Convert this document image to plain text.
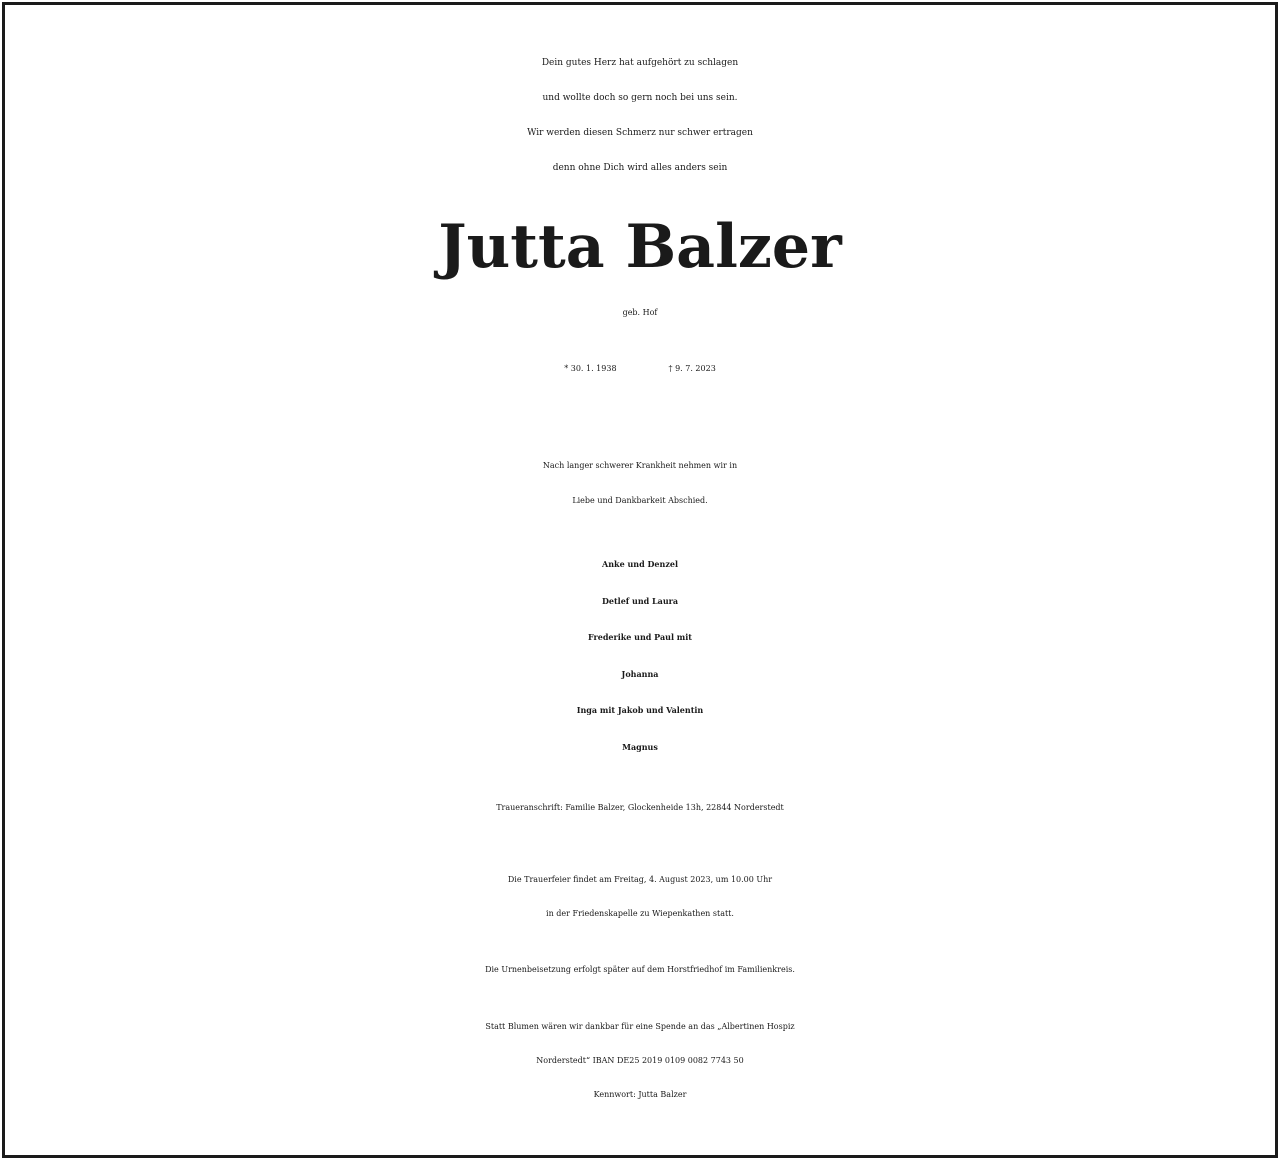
Dein gutes Herz hat aufgehört zu schlagen
und wollte doch so gern noch bei uns sein.
Wir werden diesen Schmerz nur schwer ertragen
denn ohne Dich wird alles anders sein
Jutta Balzer
geb. Hof
* 30. 1. 1938	† 9. 7. 2023
Nach langer schwerer Krankheit nehmen wir in
Liebe und Dankbarkeit Abschied.
Anke und Denzel
Detlef und Laura
Frederike und Paul mit
Johanna
Inga mit Jakob und Valentin
Magnus
Traueranschrift: Familie Balzer, Glockenheide 13h, 22844 Norderstedt
Die Trauerfeier findet am Freitag, 4. August 2023, um 10.00 Uhr
in der Friedenskapelle zu Wiepenkathen statt.
Die Urnenbeisetzung erfolgt später auf dem Horstfriedhof im Familienkreis.
Statt Blumen wären wir dankbar für eine Spende an das „Albertinen Hospiz
Norderstedt“ IBAN DE25 2019 0109 0082 7743 50
Kennwort: Jutta Balzer
